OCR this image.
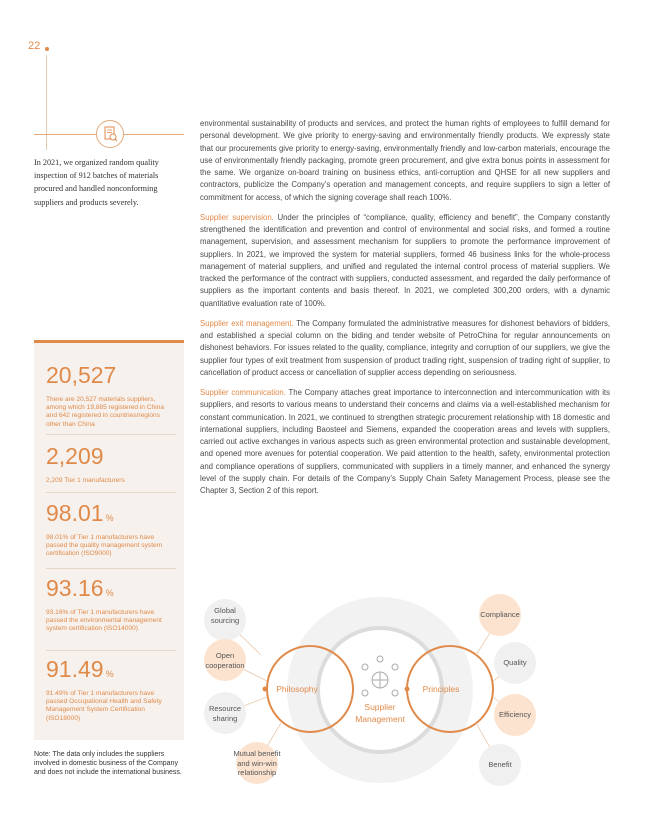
22

In 2021, we organized random quality inspection of 912 batches of materials procured and handled nonconforming suppliers and products severely.

20,527
There are 20,527 materials suppliers, among which 19,885 registered in China and 642 registered in countries/regions other than China
2,209
2,209 Tier 1 manufacturers
98.01 %
98.01% of Tier 1 manufacturers have passed the quality management system certification (ISO9000)
93.16 %
93.16% of Tier 1 manufacturers have passed the environmental management system certification (ISO14000)
91.49 %
91.49% of Tier 1 manufacturers have passed Occupational Health and Safety Management System Certification (ISO18000)
Note: The data only includes the suppliers involved in domestic business of the Company and does not include the international business.

environmental sustainability of products and services, and protect the human rights of employees to fulfill demand for personal development. We give priority to energy-saving and environmentally friendly products. We expressly state that our procurements give priority to energy-saving, environmentally friendly and low-carbon materials, encourage the use of environmentally friendly packaging, promote green procurement, and give extra bonus points in assessment for the same. We organize on-board training on business ethics, anti-corruption and QHSE for all new suppliers and contractors, publicize the Company’s operation and management concepts, and require suppliers to sign a letter of commitment for access, of which the signing coverage shall reach 100%.

Supplier supervision. Under the principles of “compliance, quality, efficiency and benefit”, the Company constantly strengthened the identification and prevention and control of environmental and social risks, and formed a routine management, supervision, and assessment mechanism for suppliers to promote the performance improvement of suppliers. In 2021, we improved the system for material suppliers, formed 46 business links for the whole-process management of material suppliers, and unified and regulated the internal control process of material suppliers. We tracked the performance of the contract with suppliers, conducted assessment, and regarded the daily performance of suppliers as the important contents and basis thereof. In 2021, we completed 300,200 orders, with a dynamic quantitative evaluation rate of 100%.

Supplier exit management. The Company formulated the administrative measures for dishonest behaviors of bidders, and established a special column on the biding and tender website of PetroChina for regular announcements on dishonest behaviors. For issues related to the quality, compliance, integrity and corruption of our suppliers, we give the supplier four types of exit treatment from suspension of product trading right, suspension of trading right of supplier, to cancellation of product access or cancellation of supplier access depending on seriousness.

Supplier communication. The Company attaches great importance to interconnection and intercommunication with its suppliers, and resorts to various means to understand their concerns and claims via a well-established mechanism for constant communication. In 2021, we continued to strengthen strategic procurement relationship with 18 domestic and international suppliers, including Baosteel and Siemens, expanded the cooperation areas and levels with suppliers, carried out active exchanges in various aspects such as green environmental protection and sustainable development, and opened more avenues for potential cooperation. We paid attention to the health, safety, environmental protection and compliance operations of suppliers, communicated with suppliers in a timely manner, and enhanced the synergy level of the supply chain. For details of the Company’s Supply Chain Safety Management Process, please see the Chapter 3, Section 2 of this report.

Global sourcing
Open cooperation
Resource sharing
Mutual benefit and win-win relationship
Compliance
Quality
Efficiency
Benefit
Philosophy	Principles
Supplier Management
